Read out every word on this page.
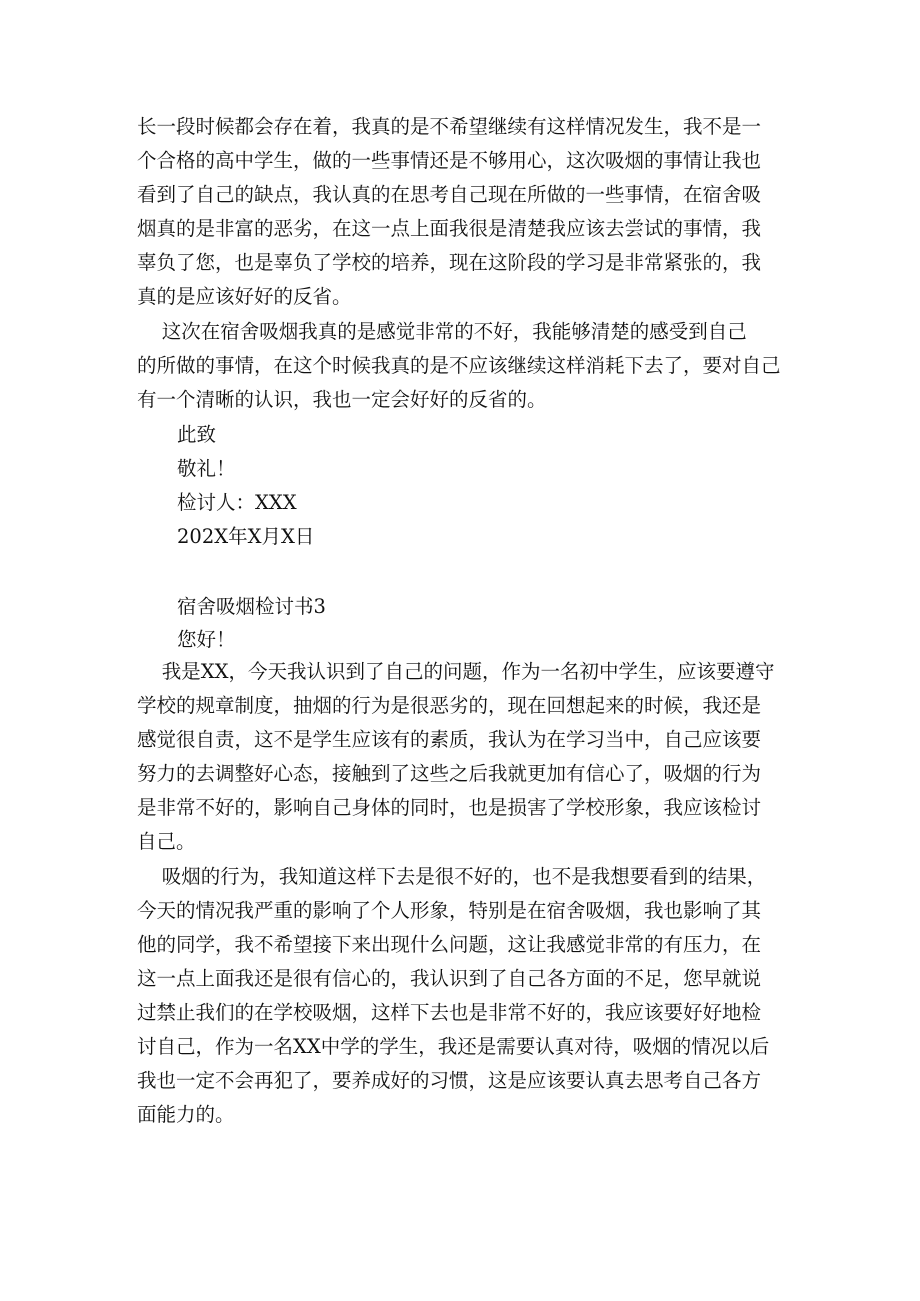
长一段时候都会存在着，我真的是不希望继续有这样情况发生，我不是一
个合格的高中学生，做的一些事情还是不够用心，这次吸烟的事情让我也
看到了自己的缺点，我认真的在思考自己现在所做的一些事情，在宿舍吸
烟真的是非富的恶劣，在这一点上面我很是清楚我应该去尝试的事情，我
辜负了您，也是辜负了学校的培养，现在这阶段的学习是非常紧张的，我
真的是应该好好的反省。

这次在宿舍吸烟我真的是感觉非常的不好，我能够清楚的感受到自己
的所做的事情，在这个时候我真的是不应该继续这样消耗下去了，要对自己
有一个清晰的认识，我也一定会好好的反省的。

此致
敬礼！
检讨人：XXX
202X年X月X日
宿舍吸烟检讨书3
您好！

我是XX，今天我认识到了自己的问题，作为一名初中学生，应该要遵守
学校的规章制度，抽烟的行为是很恶劣的，现在回想起来的时候，我还是
感觉很自责，这不是学生应该有的素质，我认为在学习当中，自己应该要
努力的去调整好心态，接触到了这些之后我就更加有信心了，吸烟的行为
是非常不好的，影响自己身体的同时，也是损害了学校形象，我应该检讨
自己。

吸烟的行为，我知道这样下去是很不好的，也不是我想要看到的结果，
今天的情况我严重的影响了个人形象，特别是在宿舍吸烟，我也影响了其
他的同学，我不希望接下来出现什么问题，这让我感觉非常的有压力，在
这一点上面我还是很有信心的，我认识到了自己各方面的不足，您早就说
过禁止我们的在学校吸烟，这样下去也是非常不好的，我应该要好好地检
讨自己，作为一名XX中学的学生，我还是需要认真对待，吸烟的情况以后
我也一定不会再犯了，要养成好的习惯，这是应该要认真去思考自己各方
面能力的。
